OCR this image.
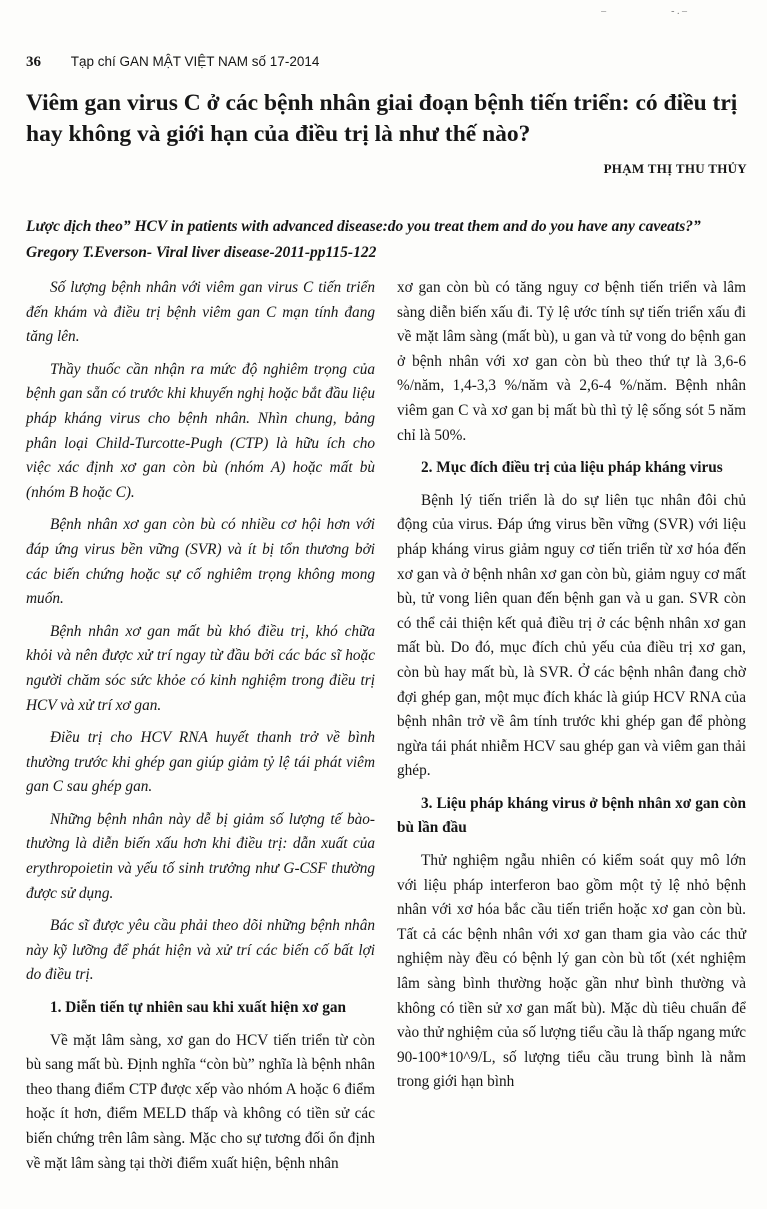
–                          - . –
36 Tạp chí GAN MẬT VIỆT NAM số 17-2014
Viêm gan virus C ở các bệnh nhân giai đoạn bệnh tiến triển: có điều trị hay không và giới hạn của điều trị là như thế nào?
PHẠM THỊ THU THỦY
Lược dịch theo” HCV in patients with advanced disease:do you treat them and do you have any caveats?” Gregory T.Everson- Viral liver disease-2011-pp115-122

Số lượng bệnh nhân với viêm gan virus C tiến triển đến khám và điều trị bệnh viêm gan C mạn tính đang tăng lên.

Thầy thuốc cần nhận ra mức độ nghiêm trọng của bệnh gan sẵn có trước khi khuyến nghị hoặc bắt đầu liệu pháp kháng virus cho bệnh nhân. Nhìn chung, bảng phân loại Child-Turcotte-Pugh (CTP) là hữu ích cho việc xác định xơ gan còn bù (nhóm A) hoặc mất bù (nhóm B hoặc C).

Bệnh nhân xơ gan còn bù có nhiều cơ hội hơn với đáp ứng virus bền vững (SVR) và ít bị tổn thương bởi các biến chứng hoặc sự cố nghiêm trọng không mong muốn.

Bệnh nhân xơ gan mất bù khó điều trị, khó chữa khỏi và nên được xử trí ngay từ đầu bởi các bác sĩ hoặc người chăm sóc sức khỏe có kinh nghiệm trong điều trị HCV và xử trí xơ gan.

Điều trị cho HCV RNA huyết thanh trở về bình thường trước khi ghép gan giúp giảm tỷ lệ tái phát viêm gan C sau ghép gan.

Những bệnh nhân này dễ bị giảm số lượng tế bào- thường là diễn biến xấu hơn khi điều trị: dẫn xuất của erythropoietin và yếu tố sinh trưởng như G-CSF thường được sử dụng.

Bác sĩ được yêu cầu phải theo dõi những bệnh nhân này kỹ lưỡng để phát hiện và xử trí các biến cố bất lợi do điều trị.

1. Diễn tiến tự nhiên sau khi xuất hiện xơ gan

Về mặt lâm sàng, xơ gan do HCV tiến triển từ còn bù sang mất bù. Định nghĩa “còn bù” nghĩa là bệnh nhân theo thang điểm CTP được xếp vào nhóm A hoặc 6 điểm hoặc ít hơn, điểm MELD thấp và không có tiền sử các biến chứng trên lâm sàng. Mặc cho sự tương đối ổn định về mặt lâm sàng tại thời điểm xuất hiện, bệnh nhân

xơ gan còn bù có tăng nguy cơ bệnh tiến triển và lâm sàng diễn biến xấu đi. Tỷ lệ ước tính sự tiến triển xấu đi về mặt lâm sàng (mất bù), u gan và tử vong do bệnh gan ở bệnh nhân với xơ gan còn bù theo thứ tự là 3,6-6 %/năm, 1,4-3,3 %/năm và 2,6-4 %/năm. Bệnh nhân viêm gan C và xơ gan bị mất bù thì tỷ lệ sống sót 5 năm chỉ là 50%.

2. Mục đích điều trị của liệu pháp kháng virus

Bệnh lý tiến triển là do sự liên tục nhân đôi chủ động của virus. Đáp ứng virus bền vững (SVR) với liệu pháp kháng virus giảm nguy cơ tiến triển từ xơ hóa đến xơ gan và ở bệnh nhân xơ gan còn bù, giảm nguy cơ mất bù, tử vong liên quan đến bệnh gan và u gan. SVR còn có thể cải thiện kết quả điều trị ở các bệnh nhân xơ gan mất bù. Do đó, mục đích chủ yếu của điều trị xơ gan, còn bù hay mất bù, là SVR. Ở các bệnh nhân đang chờ đợi ghép gan, một mục đích khác là giúp HCV RNA của bệnh nhân trở về âm tính trước khi ghép gan để phòng ngừa tái phát nhiễm HCV sau ghép gan và viêm gan thải ghép.

3. Liệu pháp kháng virus ở bệnh nhân xơ gan còn bù lần đầu

Thử nghiệm ngẫu nhiên có kiểm soát quy mô lớn với liệu pháp interferon bao gồm một tỷ lệ nhỏ bệnh nhân với xơ hóa bắc cầu tiến triển hoặc xơ gan còn bù. Tất cả các bệnh nhân với xơ gan tham gia vào các thử nghiệm này đều có bệnh lý gan còn bù tốt (xét nghiệm lâm sàng bình thường hoặc gần như bình thường và không có tiền sử xơ gan mất bù). Mặc dù tiêu chuẩn để vào thử nghiệm của số lượng tiểu cầu là thấp ngang mức 90-100*10^9/L, số lượng tiểu cầu trung bình là nằm trong giới hạn bình
